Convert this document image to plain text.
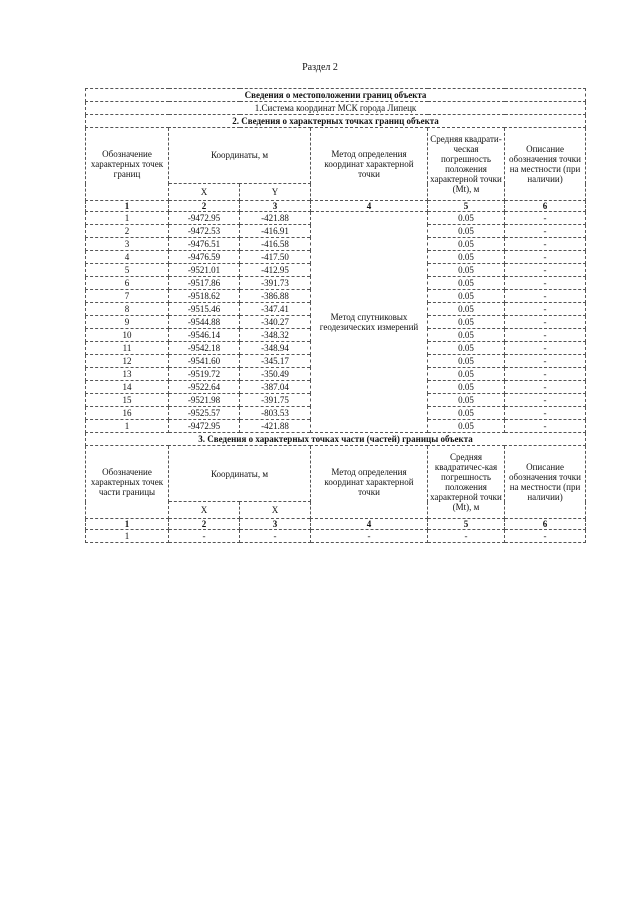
Раздел 2
Сведения о местоположении границ объекта					
1.Система координат МСК города Липецк					
2. Сведения о характерных точках границ объекта					
Обозначение характерных точек границ	Координаты, м		Метод определения координат характерной точки	Средняя квадрати-ческая погрешность положения характерной точки (Mt), м	Описание обозначения точки на местности (при наличии)
	X	Y			
1	2	3	4	5	6
1	-9472.95	-421.88	Метод спутниковых геодезических измерений	0.05	-
2	-9472.53	-416.91		0.05	-
3	-9476.51	-416.58		0.05	-
4	-9476.59	-417.50		0.05	-
5	-9521.01	-412.95		0.05	-
6	-9517.86	-391.73		0.05	-
7	-9518.62	-386.88		0.05	-
8	-9515.46	-347.41		0.05	-
9	-9544.88	-340.27		0.05	-
10	-9546.14	-348.32		0.05	-
11	-9542.18	-348.94		0.05	-
12	-9541.60	-345.17		0.05	-
13	-9519.72	-350.49		0.05	-
14	-9522.64	-387.04		0.05	-
15	-9521.98	-391.75		0.05	-
16	-9525.57	-803.53		0.05	-
1	-9472.95	-421.88		0.05	-
3. Сведения о характерных точках части (частей) границы объекта					
Обозначение характерных точек части границы	Координаты, м		Метод определения координат характерной точки	Средняя квадратичес-кая погрешность положения характерной точки (Mt), м	Описание обозначения точки на местности (при наличии)
	X	X			
1	2	3	4	5	6
1	-	-	-	-	-
